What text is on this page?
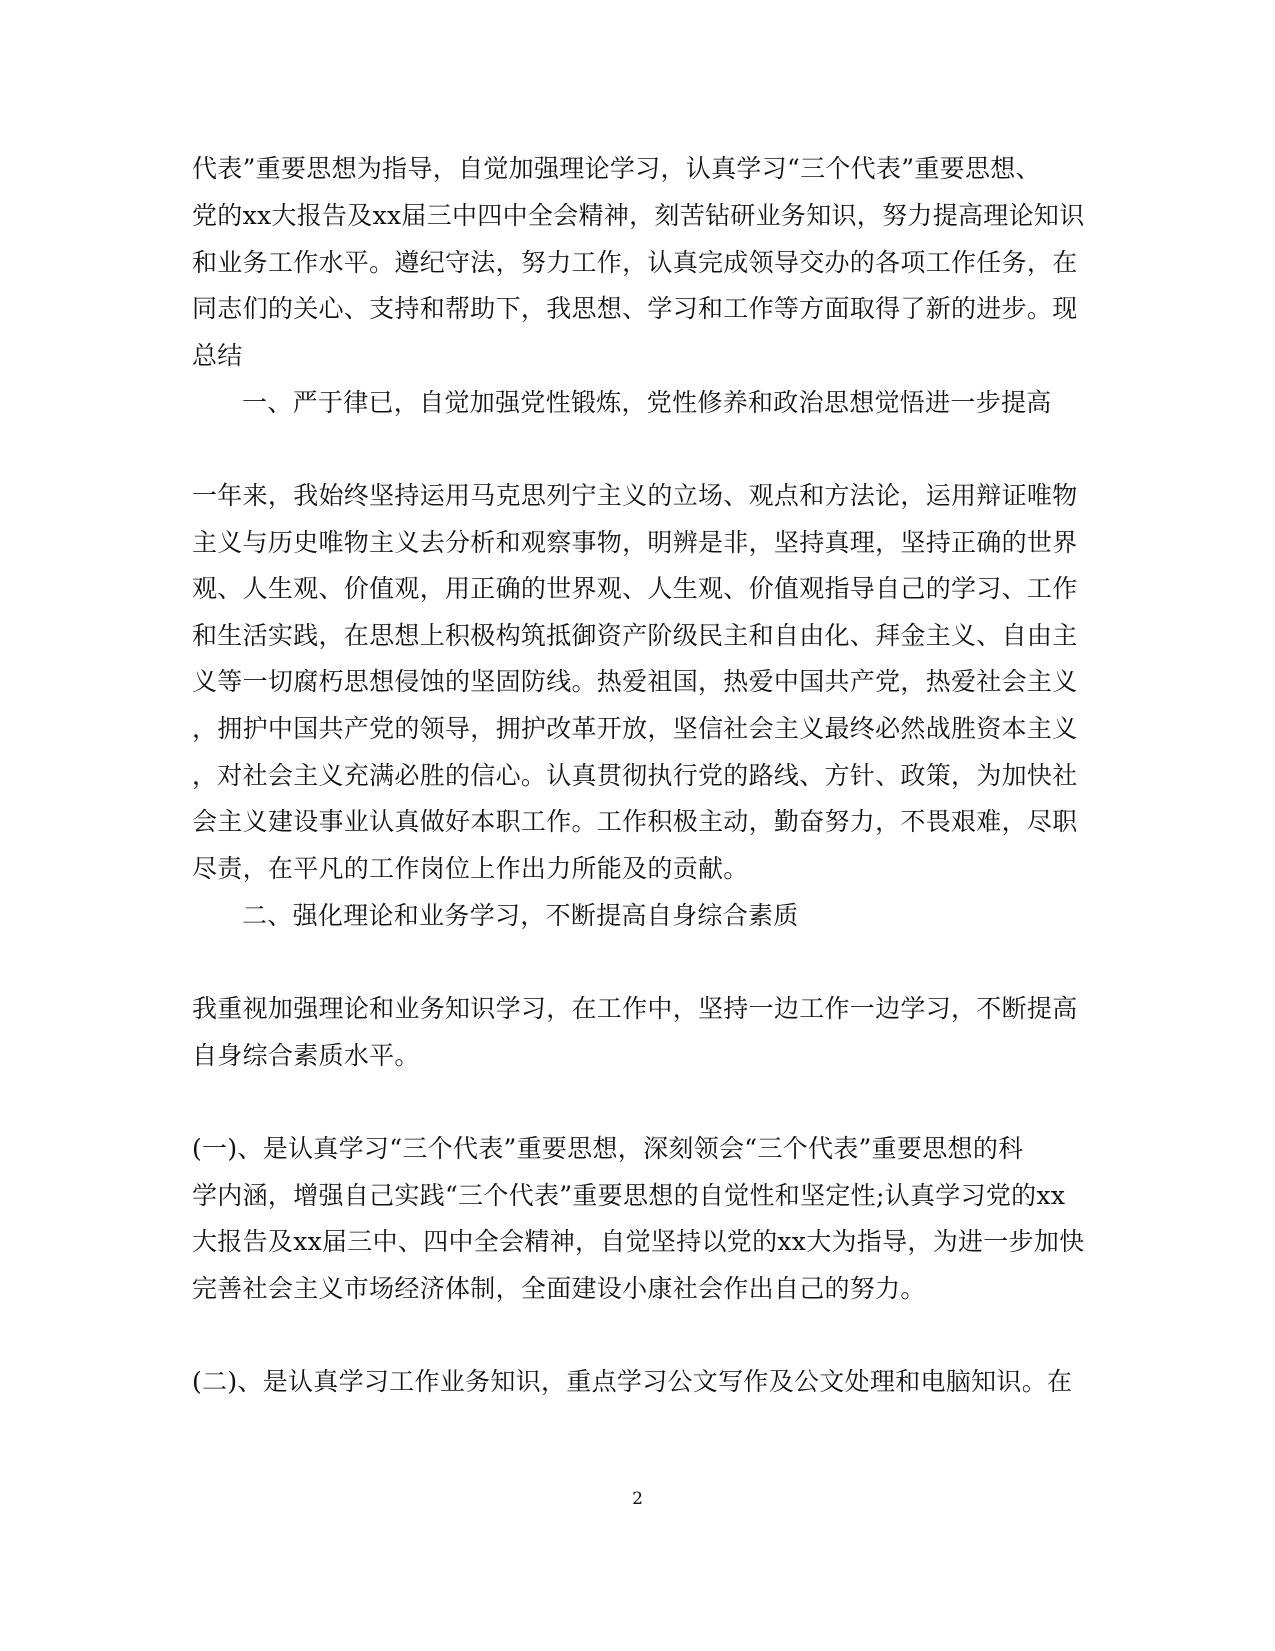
代表”重要思想为指导，自觉加强理论学习，认真学习“三个代表”重要思想、
党的xx大报告及xx届三中四中全会精神，刻苦钻研业务知识，努力提高理论知识
和业务工作水平。遵纪守法，努力工作，认真完成领导交办的各项工作任务，在
同志们的关心、支持和帮助下，我思想、学习和工作等方面取得了新的进步。现
总结
一、严于律已，自觉加强党性锻炼，党性修养和政治思想觉悟进一步提高
一年来，我始终坚持运用马克思列宁主义的立场、观点和方法论，运用辩证唯物
主义与历史唯物主义去分析和观察事物，明辨是非，坚持真理，坚持正确的世界
观、人生观、价值观，用正确的世界观、人生观、价值观指导自己的学习、工作
和生活实践，在思想上积极构筑抵御资产阶级民主和自由化、拜金主义、自由主
义等一切腐朽思想侵蚀的坚固防线。热爱祖国，热爱中国共产党，热爱社会主义
，拥护中国共产党的领导，拥护改革开放，坚信社会主义最终必然战胜资本主义
，对社会主义充满必胜的信心。认真贯彻执行党的路线、方针、政策，为加快社
会主义建设事业认真做好本职工作。工作积极主动，勤奋努力，不畏艰难，尽职
尽责，在平凡的工作岗位上作出力所能及的贡献。
二、强化理论和业务学习，不断提高自身综合素质
我重视加强理论和业务知识学习，在工作中，坚持一边工作一边学习，不断提高
自身综合素质水平。
(一)、是认真学习“三个代表”重要思想，深刻领会“三个代表”重要思想的科
学内涵，增强自己实践“三个代表”重要思想的自觉性和坚定性;认真学习党的xx
大报告及xx届三中、四中全会精神，自觉坚持以党的xx大为指导，为进一步加快
完善社会主义市场经济体制，全面建设小康社会作出自己的努力。
(二)、是认真学习工作业务知识，重点学习公文写作及公文处理和电脑知识。在
2
